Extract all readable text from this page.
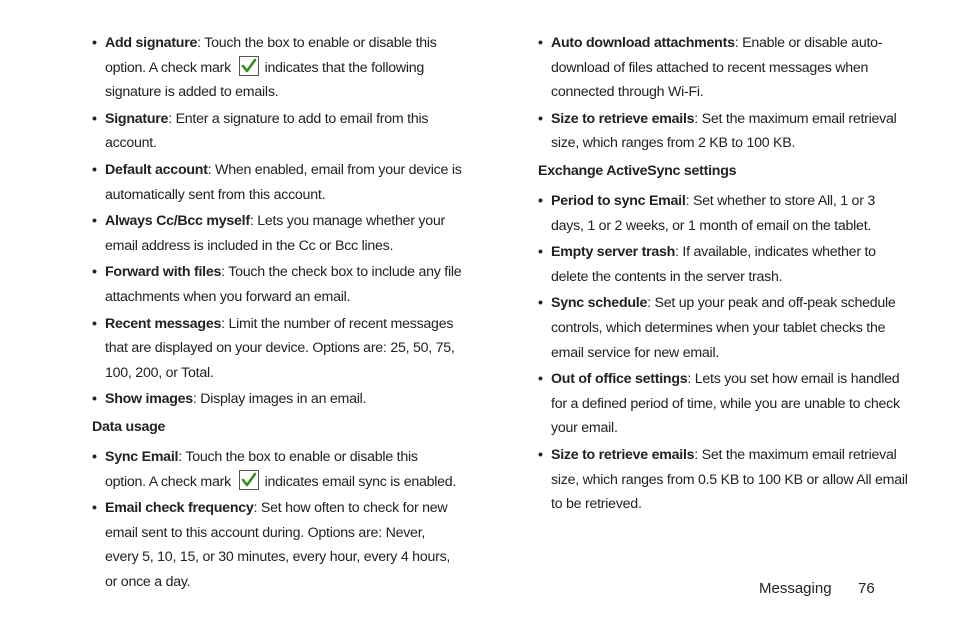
• Add signature: Touch the box to enable or disable this option. A check mark indicates that the following signature is added to emails.
• Signature: Enter a signature to add to email from this account.
• Default account: When enabled, email from your device is automatically sent from this account.
• Always Cc/Bcc myself: Lets you manage whether your email address is included in the Cc or Bcc lines.
• Forward with files: Touch the check box to include any file attachments when you forward an email.
• Recent messages: Limit the number of recent messages that are displayed on your device. Options are: 25, 50, 75, 100, 200, or Total.
• Show images: Display images in an email.
Data usage
• Sync Email: Touch the box to enable or disable this option. A check mark indicates email sync is enabled.
• Email check frequency: Set how often to check for new email sent to this account during. Options are: Never, every 5, 10, 15, or 30 minutes, every hour, every 4 hours, or once a day.
• Auto download attachments: Enable or disable auto-download of files attached to recent messages when connected through Wi-Fi.
• Size to retrieve emails: Set the maximum email retrieval size, which ranges from 2 KB to 100 KB.
Exchange ActiveSync settings
• Period to sync Email: Set whether to store All, 1 or 3 days, 1 or 2 weeks, or 1 month of email on the tablet.
• Empty server trash: If available, indicates whether to delete the contents in the server trash.
• Sync schedule: Set up your peak and off-peak schedule controls, which determines when your tablet checks the email service for new email.
• Out of office settings: Lets you set how email is handled for a defined period of time, while you are unable to check your email.
• Size to retrieve emails: Set the maximum email retrieval size, which ranges from 0.5 KB to 100 KB or allow All email to be retrieved.
Messaging 76
